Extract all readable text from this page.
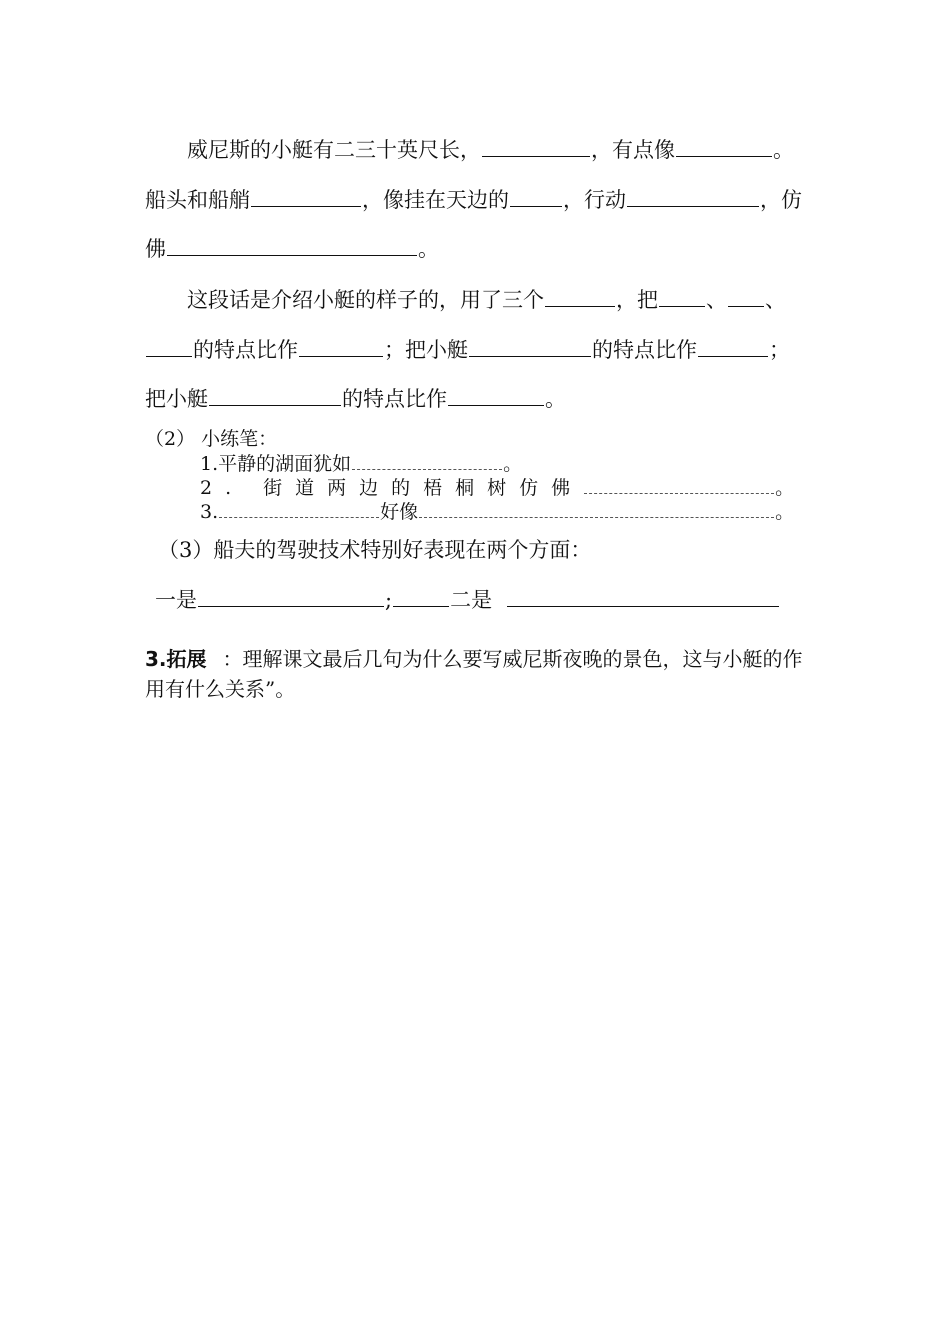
威尼斯的小艇有二三十英尺长，	，有点像	。
船头和船艄	，像挂在天边的	，行动	，仿
佛	。
这段话是介绍小艇的样子的，用了三个	，把 、 、
的特点比作	；把小艇	的特点比作	；
把小艇	的特点比作	。
（2） 小练笔：
1.平静的湖面犹如	。
2. 街道两边的梧桐树仿佛	。
3.	好像	。
（3）船夫的驾驶技术特别好表现在两个方面：
一是	;	二是
3.拓展 ：理解课文最后几句为什么要写威尼斯夜晚的景色，这与小艇的作用有什么关系”。
